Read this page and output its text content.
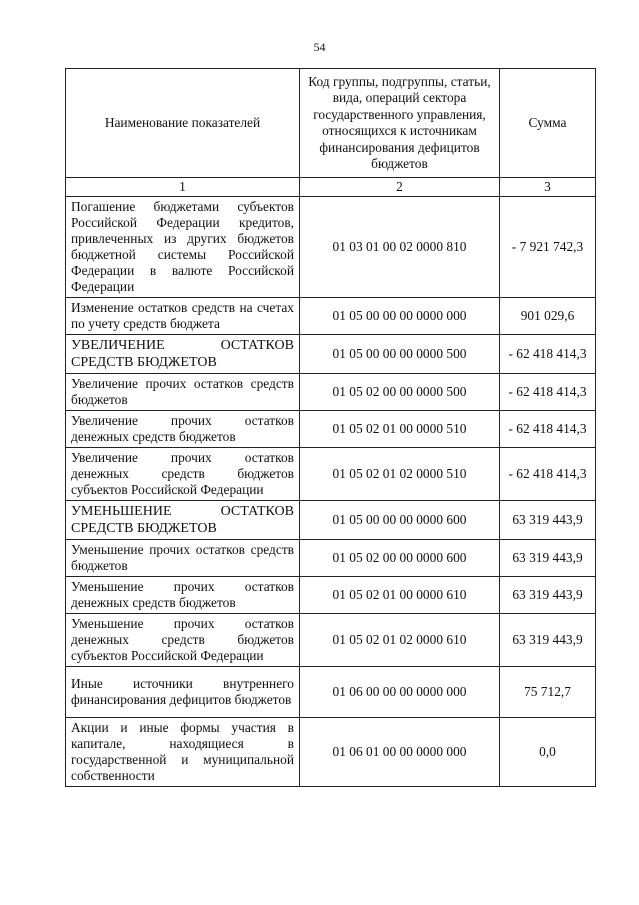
54
Наименование показателей	Код группы, подгруппы, статьи, вида, операций сектора государственного управления, относящихся к источникам финансирования дефицитов бюджетов	Сумма
1	2	3
Погашение бюджетами субъектов Российской Федерации кредитов, привлеченных из других бюджетов бюджетной системы Российской Федерации в валюте Российской Федерации	01 03 01 00 02 0000 810	- 7 921 742,3
Изменение остатков средств на счетах по учету средств бюджета	01 05 00 00 00 0000 000	901 029,6
УВЕЛИЧЕНИЕ ОСТАТКОВ СРЕДСТВ БЮДЖЕТОВ	01 05 00 00 00 0000 500	- 62 418 414,3
Увеличение прочих остатков средств бюджетов	01 05 02 00 00 0000 500	- 62 418 414,3
Увеличение прочих остатков денежных средств бюджетов	01 05 02 01 00 0000 510	- 62 418 414,3
Увеличение прочих остатков денежных средств бюджетов субъектов Российской Федерации	01 05 02 01 02 0000 510	- 62 418 414,3
УМЕНЬШЕНИЕ ОСТАТКОВ СРЕДСТВ БЮДЖЕТОВ	01 05 00 00 00 0000 600	63 319 443,9
Уменьшение прочих остатков средств бюджетов	01 05 02 00 00 0000 600	63 319 443,9
Уменьшение прочих остатков денежных средств бюджетов	01 05 02 01 00 0000 610	63 319 443,9
Уменьшение прочих остатков денежных средств бюджетов субъектов Российской Федерации	01 05 02 01 02 0000 610	63 319 443,9
Иные источники внутреннего финансирования дефицитов бюджетов	01 06 00 00 00 0000 000	75 712,7
Акции и иные формы участия в капитале, находящиеся в государственной и муниципальной собственности	01 06 01 00 00 0000 000	0,0
